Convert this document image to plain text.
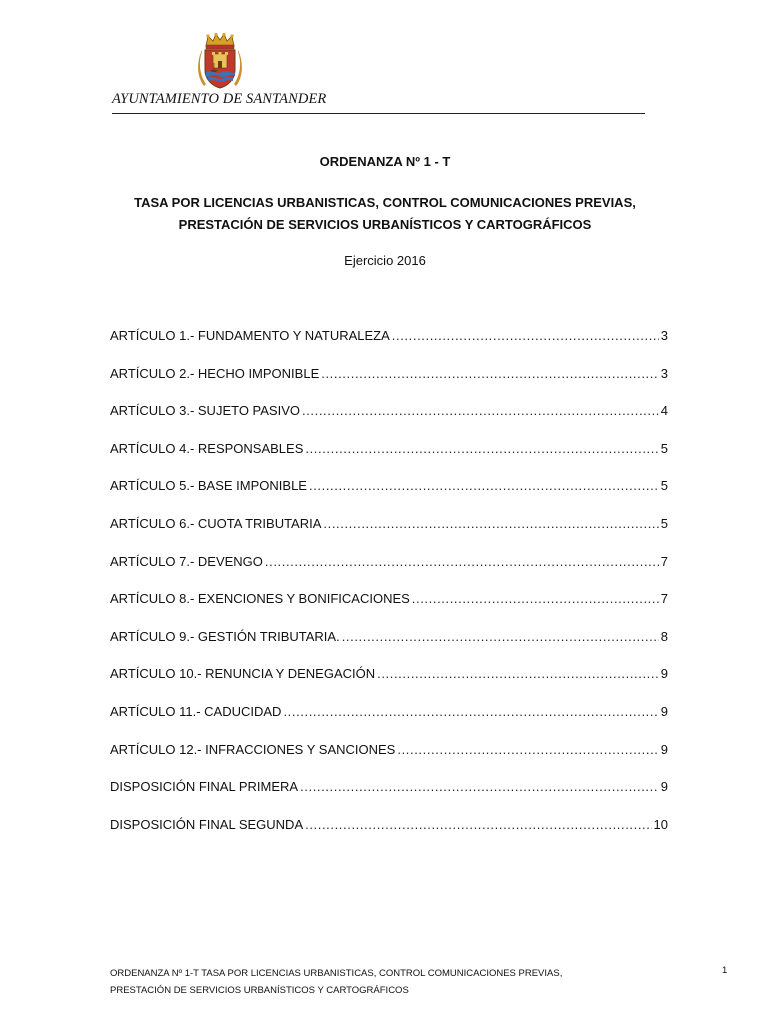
AYUNTAMIENTO DE SANTANDER
ORDENANZA Nº 1 - T
TASA POR LICENCIAS URBANISTICAS, CONTROL COMUNICACIONES PREVIAS,
PRESTACIÓN DE SERVICIOS URBANÍSTICOS Y CARTOGRÁFICOS
Ejercicio 2016
ARTÍCULO 1.- FUNDAMENTO Y NATURALEZA .....	3
ARTÍCULO 2.- HECHO IMPONIBLE .....	3
ARTÍCULO 3.- SUJETO PASIVO .....	4
ARTÍCULO 4.- RESPONSABLES .....	5
ARTÍCULO 5.- BASE IMPONIBLE .....	5
ARTÍCULO 6.- CUOTA TRIBUTARIA .....	5
ARTÍCULO 7.- DEVENGO .....	7
ARTÍCULO 8.- EXENCIONES Y BONIFICACIONES .....	7
ARTÍCULO 9.- GESTIÓN TRIBUTARIA. .....	8
ARTÍCULO 10.- RENUNCIA Y DENEGACIÓN .....	9
ARTÍCULO 11.- CADUCIDAD .....	9
ARTÍCULO 12.- INFRACCIONES Y SANCIONES .....	9
DISPOSICIÓN FINAL PRIMERA .....	9
DISPOSICIÓN FINAL SEGUNDA .....	10
ORDENANZA Nº 1-T TASA POR LICENCIAS URBANISTICAS, CONTROL COMUNICACIONES PREVIAS,
PRESTACIÓN DE SERVICIOS URBANÍSTICOS Y CARTOGRÁFICOS
1
